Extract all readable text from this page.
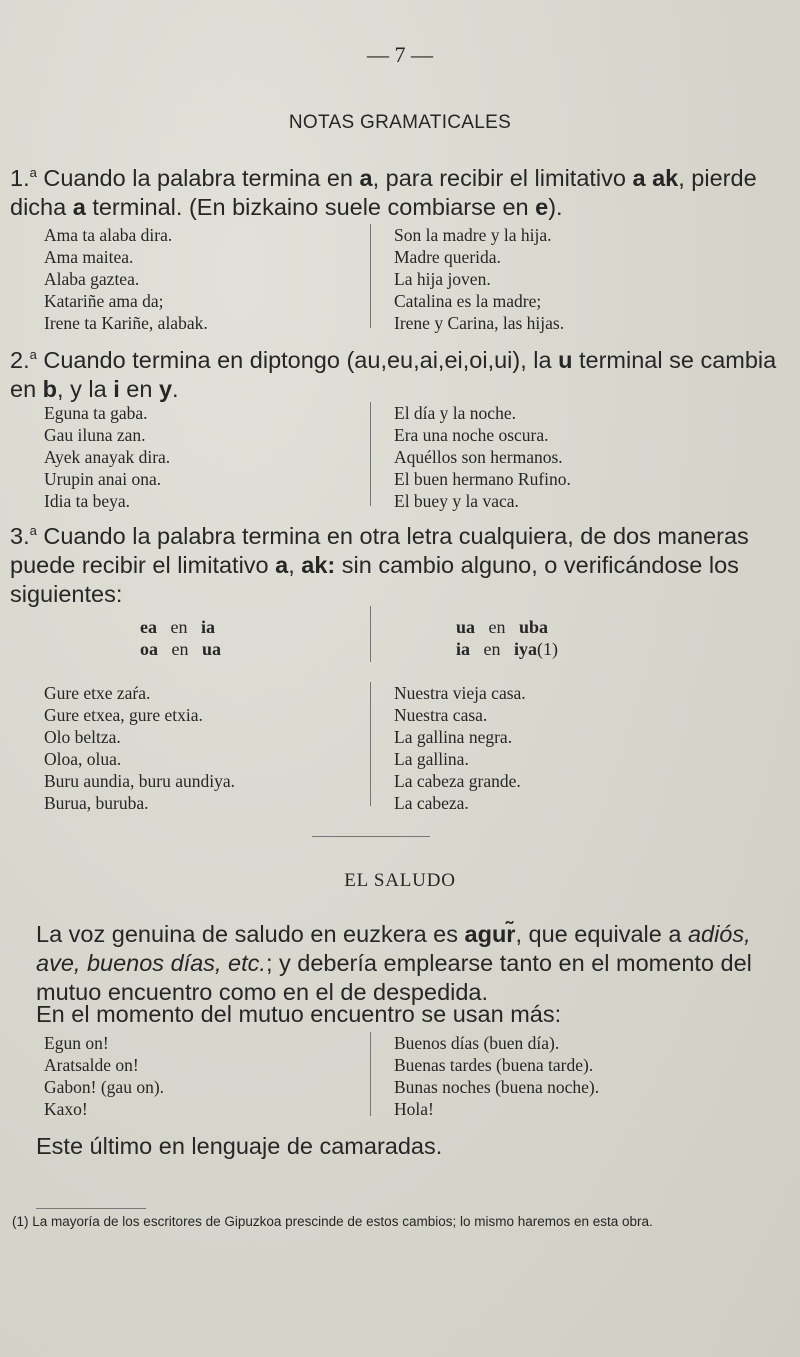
— 7 —
NOTAS GRAMATICALES
1.$^a$ Cuando la palabra termina en a, para recibir el limitativo a ak, pierde dicha a terminal. (En bizkaino suele combiarse en e).
Ama ta alaba dira.
Ama maitea.
Alaba gaztea.
Katariñe ama da;
Irene ta Kariñe, alabak.
Son la madre y la hija.
Madre querida.
La hija joven.
Catalina es la madre;
Irene y Carina, las hijas.
2.$^a$ Cuando termina en diptongo (au,eu,ai,ei,oi,ui), la u terminal se cambia en b, y la i en y.
Eguna ta gaba.
Gau iluna zan.
Ayek anayak dira.
Urupin anai ona.
Idia ta beya.
El día y la noche.
Era una noche oscura.
Aquéllos son hermanos.
El buen hermano Rufino.
El buey y la vaca.
3.$^a$ Cuando la palabra termina en otra letra cualquiera, de dos maneras puede recibir el limitativo a, ak: sin cambio alguno, o verificándose los siguientes:
ea en ia
oa en ua
ua en uba
ia en iya(1)
Gure etxe zaŕa.
Gure etxea, gure etxia.
Olo beltza.
Oloa, olua.
Buru aundia, buru aundiya.
Burua, buruba.
Nuestra vieja casa.
Nuestra casa.
La gallina negra.
La gallina.
La cabeza grande.
La cabeza.
EL SALUDO
La voz genuina de saludo en euzkera es agur̃, que equivale a adiós, ave, buenos días, etc.; y debería emplearse tanto en el momento del mutuo encuentro como en el de despedida.
En el momento del mutuo encuentro se usan más:
Egun on!
Aratsalde on!
Gabon! (gau on).
Kaxo!
Buenos días (buen día).
Buenas tardes (buena tarde).
Bunas noches (buena noche).
Hola!
Este último en lenguaje de camaradas.
(1) La mayoría de los escritores de Gipuzkoa prescinde de estos cambios; lo mismo haremos en esta obra.
